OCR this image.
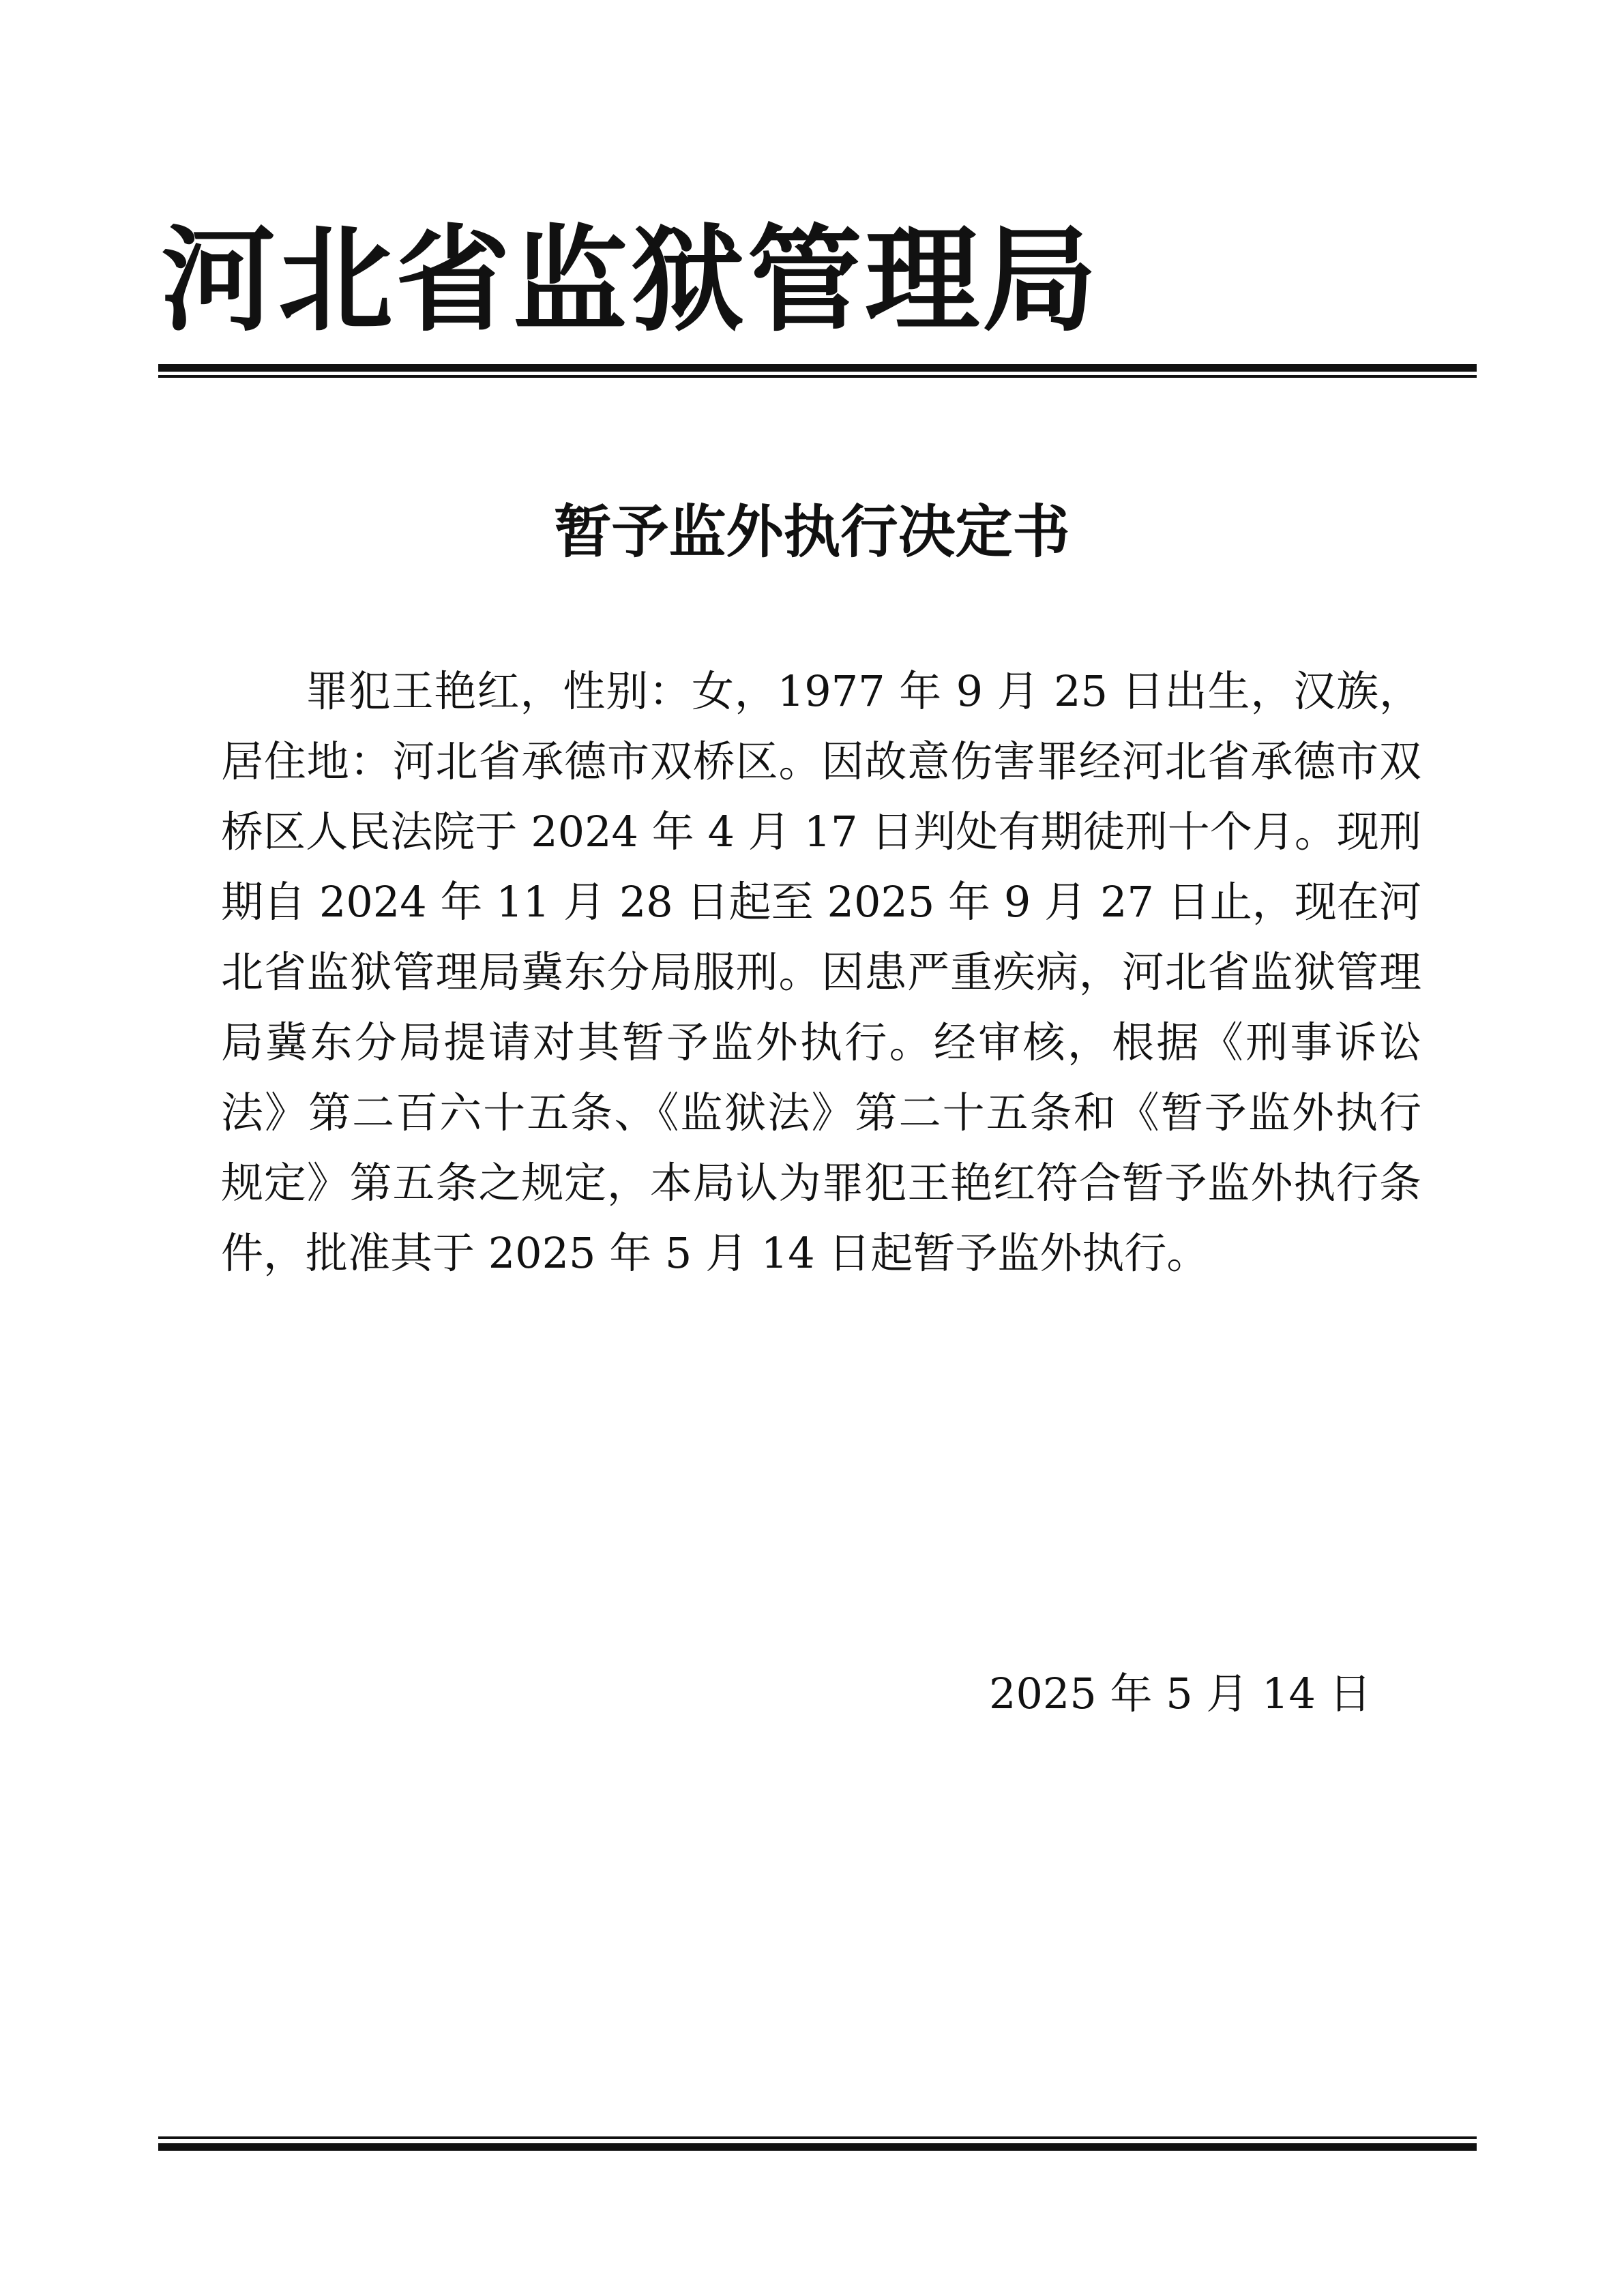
河北省监狱管理局
暂予监外执行决定书

罪犯王艳红，性别：女，1977 年 9 月 25 日出生，汉族，居住地：河北省承德市双桥区。因故意伤害罪经河北省承德市双桥区人民法院于 2024 年 4 月 17 日判处有期徒刑十个月。现刑期自 2024 年 11 月 28 日起至 2025 年 9 月 27 日止，现在河北省监狱管理局冀东分局服刑。因患严重疾病，河北省监狱管理局冀东分局提请对其暂予监外执行。经审核，根据《刑事诉讼法》第二百六十五条、《监狱法》第二十五条和《暂予监外执行规定》第五条之规定，本局认为罪犯王艳红符合暂予监外执行条件，批准其于 2025 年 5 月 14 日起暂予监外执行。

2025 年 5 月 14 日
